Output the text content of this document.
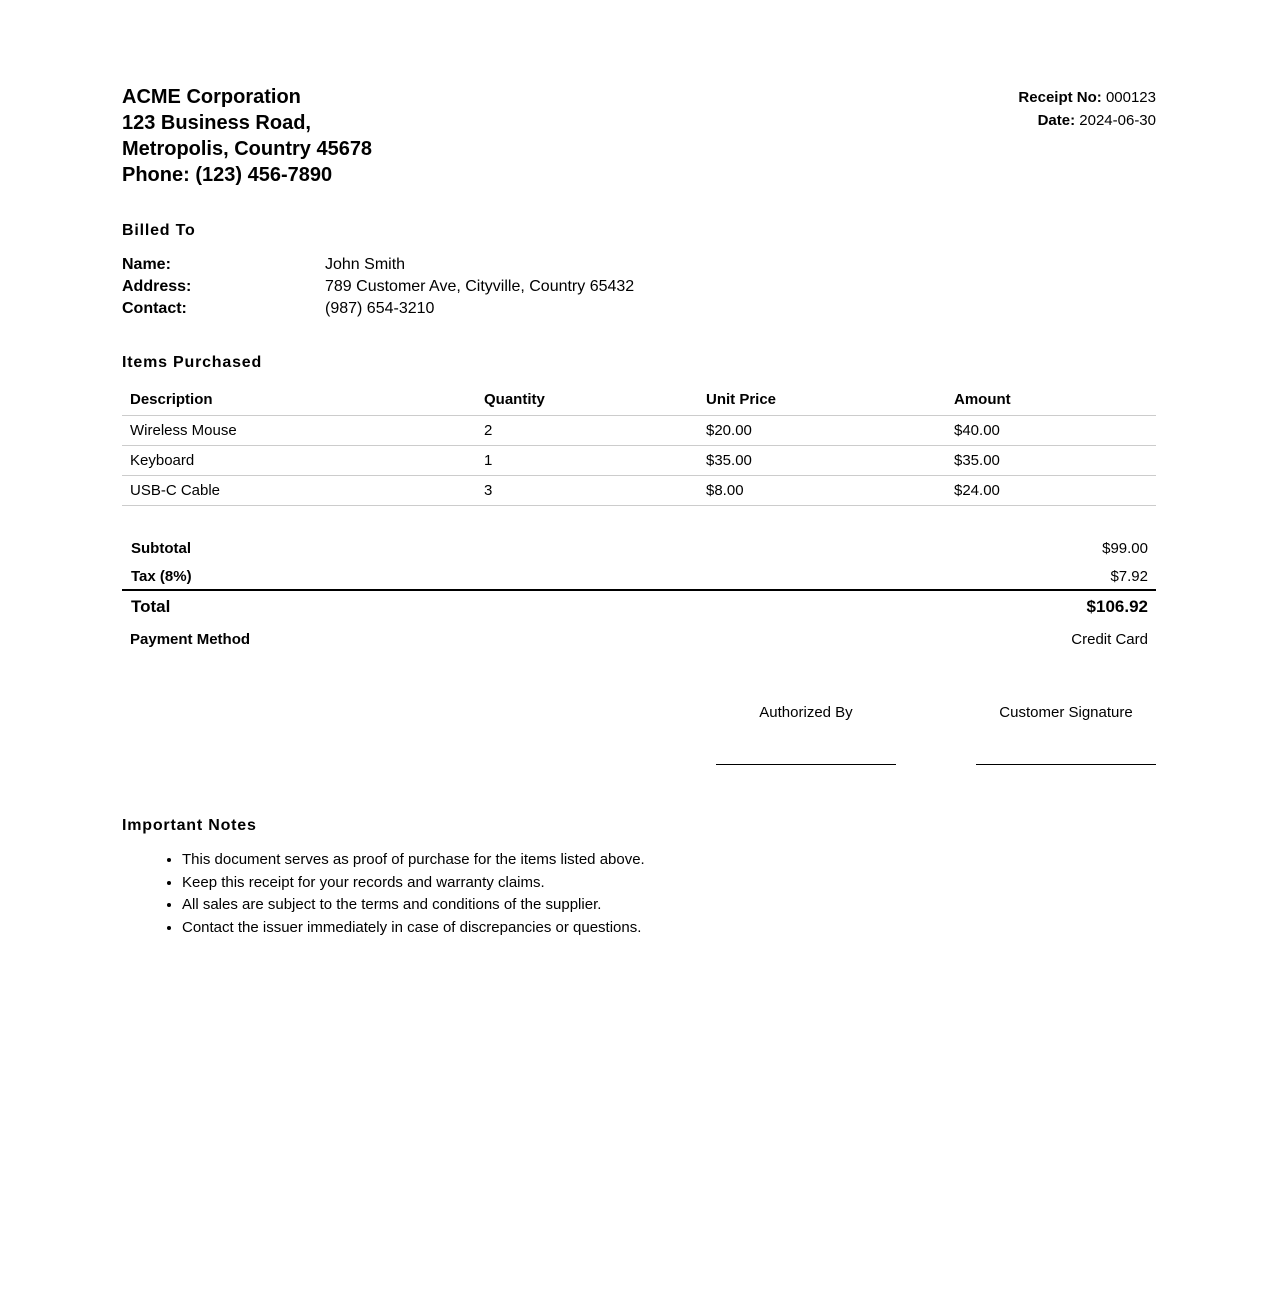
ACME Corporation
123 Business Road,
Metropolis, Country 45678
Phone: (123) 456-7890
Receipt No: 000123
Date: 2024-06-30
Billed To
Name:	John Smith
Address:	789 Customer Ave, Cityville, Country 65432
Contact:	(987) 654-3210
Items Purchased
Description	Quantity	Unit Price	Amount
Wireless Mouse	2	$20.00	$40.00
Keyboard	1	$35.00	$35.00
USB-C Cable	3	$8.00	$24.00
Subtotal	$99.00
Tax (8%)	$7.92
Total	$106.92
Payment Method	Credit Card
Authorized By	Customer Signature
Important Notes
• This document serves as proof of purchase for the items listed above.
• Keep this receipt for your records and warranty claims.
• All sales are subject to the terms and conditions of the supplier.
• Contact the issuer immediately in case of discrepancies or questions.
